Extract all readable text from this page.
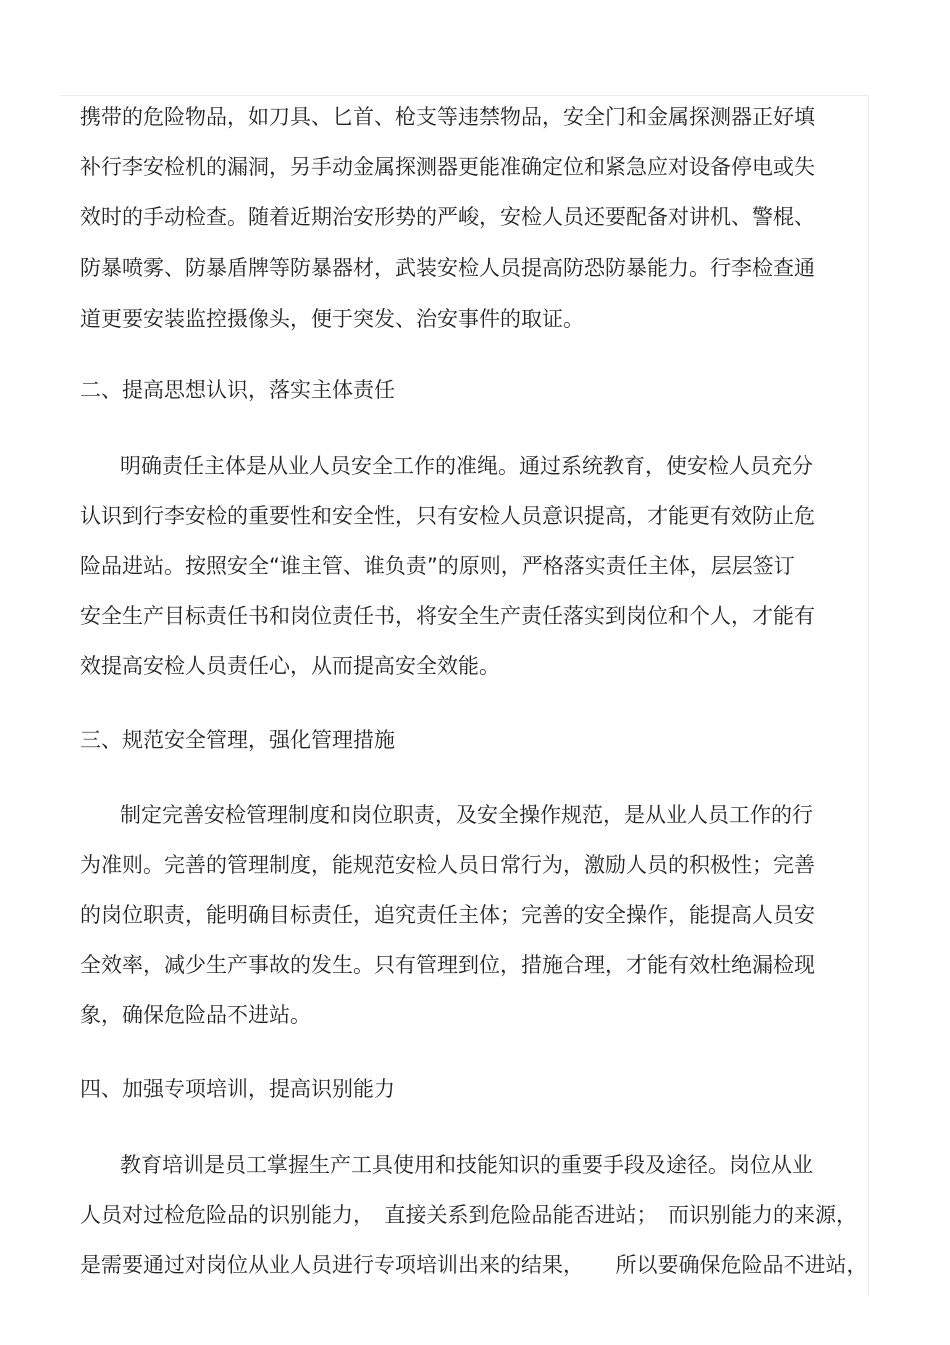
携带的危险物品，如刀具、匕首、枪支等违禁物品，安全门和金属探测器正好填
补行李安检机的漏洞，另手动金属探测器更能准确定位和紧急应对设备停电或失
效时的手动检查。随着近期治安形势的严峻，安检人员还要配备对讲机、警棍、
防暴喷雾、防暴盾牌等防暴器材，武装安检人员提高防恐防暴能力。行李检查通
道更要安装监控摄像头，便于突发、治安事件的取证。
二、提高思想认识，落实主体责任
明确责任主体是从业人员安全工作的准绳。通过系统教育，使安检人员充分
认识到行李安检的重要性和安全性，只有安检人员意识提高，才能更有效防止危
险品进站。按照安全“谁主管、谁负责”的原则，严格落实责任主体，层层签订
安全生产目标责任书和岗位责任书，将安全生产责任落实到岗位和个人，才能有
效提高安检人员责任心，从而提高安全效能。
三、规范安全管理，强化管理措施
制定完善安检管理制度和岗位职责，及安全操作规范，是从业人员工作的行
为准则。完善的管理制度，能规范安检人员日常行为，激励人员的积极性；完善
的岗位职责，能明确目标责任，追究责任主体；完善的安全操作，能提高人员安
全效率，减少生产事故的发生。只有管理到位，措施合理，才能有效杜绝漏检现
象，确保危险品不进站。
四、加强专项培训，提高识别能力
教育培训是员工掌握生产工具使用和技能知识的重要手段及途径。岗位从业
人员对过检危险品的识别能力，　直接关系到危险品能否进站；　而识别能力的来源，
是需要通过对岗位从业人员进行专项培训出来的结果，　　所以要确保危险品不进站，
